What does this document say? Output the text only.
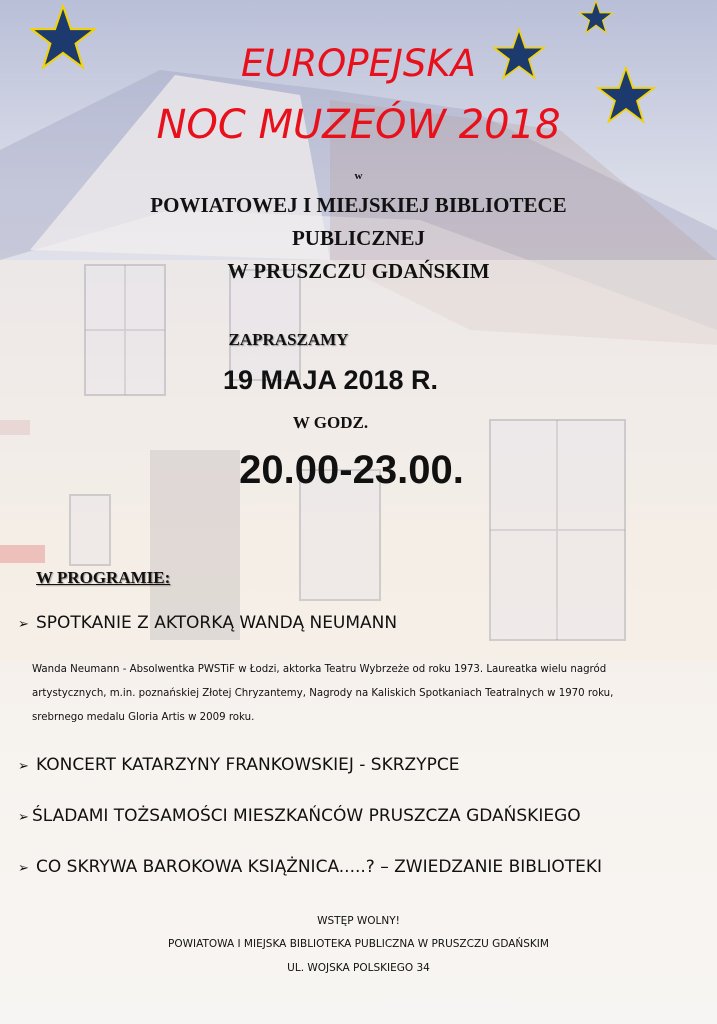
EUROPEJSKA
NOC MUZEÓW 2018
w
POWIATOWEJ I MIEJSKIEJ BIBLIOTECE
PUBLICZNEJ
W PRUSZCZU GDAŃSKIM
ZAPRASZAMY
19 MAJA 2018 R.
W GODZ.
20.00-23.00.
W PROGRAMIE:
➢ SPOTKANIE Z AKTORKĄ WANDĄ NEUMANN
Wanda Neumann - Absolwentka PWSTiF w Łodzi, aktorka Teatru Wybrzeże od roku 1973. Laureatka wielu nagród
artystycznych, m.in. poznańskiej Złotej Chryzantemy, Nagrody na Kaliskich Spotkaniach Teatralnych w 1970 roku,
srebrnego medalu Gloria Artis w 2009 roku.
➢ KONCERT KATARZYNY FRANKOWSKIEJ - SKRZYPCE
➢ ŚLADAMI TOŻSAMOŚCI MIESZKAŃCÓW PRUSZCZA GDAŃSKIEGO
➢ CO SKRYWA BAROKOWA KSIĄŻNICA.....? – ZWIEDZANIE BIBLIOTEKI
WSTĘP WOLNY!
POWIATOWA I MIEJSKA BIBLIOTEKA PUBLICZNA W PRUSZCZU GDAŃSKIM
UL. WOJSKA POLSKIEGO 34
